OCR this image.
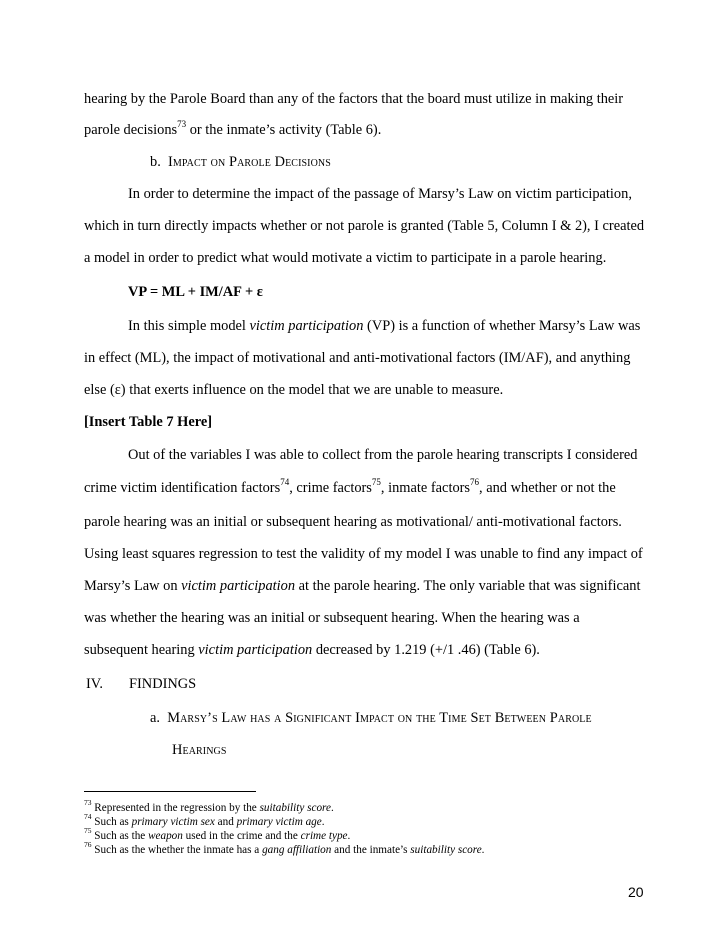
hearing by the Parole Board than any of the factors that the board must utilize in making their
parole decisions$^{73}$ or the inmate’s activity (Table 6).
b. Impact on Parole Decisions
In order to determine the impact of the passage of Marsy’s Law on victim participation,
which in turn directly impacts whether or not parole is granted (Table 5, Column I & 2), I created
a model in order to predict what would motivate a victim to participate in a parole hearing.
VP = ML + IM/AF + ε
In this simple model victim participation (VP) is a function of whether Marsy’s Law was
in effect (ML), the impact of motivational and anti-motivational factors (IM/AF), and anything
else (ε) that exerts influence on the model that we are unable to measure.
[Insert Table 7 Here]
Out of the variables I was able to collect from the parole hearing transcripts I considered
crime victim identification factors$^{74}$, crime factors$^{75}$, inmate factors$^{76}$, and whether or not the
parole hearing was an initial or subsequent hearing as motivational/ anti-motivational factors.
Using least squares regression to test the validity of my model I was unable to find any impact of
Marsy’s Law on victim participation at the parole hearing. The only variable that was significant
was whether the hearing was an initial or subsequent hearing. When the hearing was a
subsequent hearing victim participation decreased by 1.219 (+/1 .46) (Table 6).
IV. FINDINGS
a. Marsy’s Law has a Significant Impact on the Time Set Between Parole
Hearings
$^{73}$ Represented in the regression by the suitability score.
$^{74}$ Such as primary victim sex and primary victim age.
$^{75}$ Such as the weapon used in the crime and the crime type.
$^{76}$ Such as the whether the inmate has a gang affiliation and the inmate’s suitability score.
20
